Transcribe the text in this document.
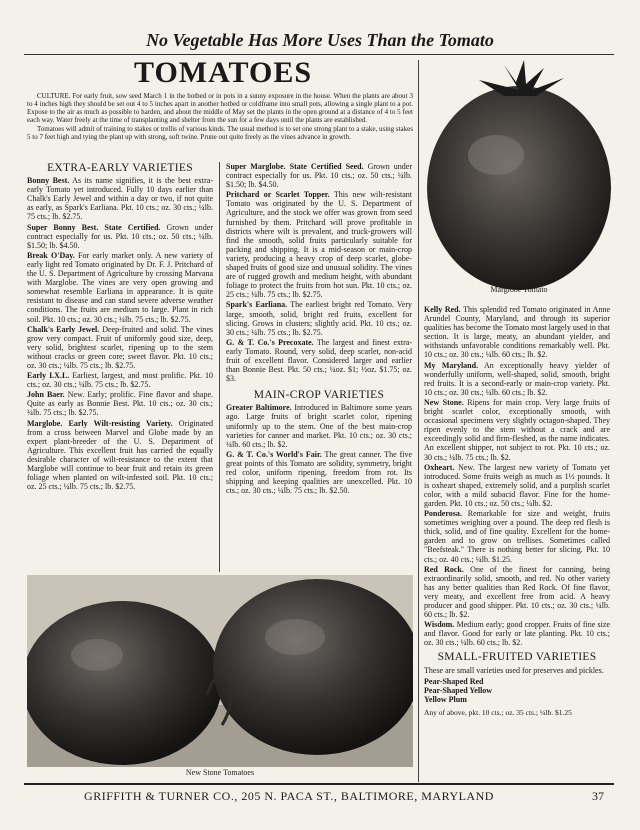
No Vegetable Has More Uses Than the Tomato
TOMATOES

CULTURE. For early fruit, sow seed March 1 in the hotbed or in pots in a sunny exposure in the house. When the plants are about 3 to 4 inches high they should be set out 4 to 5 inches apart in another hotbed or coldframe into small pots, allowing a single plant to a pot. Expose to the air as much as possible to harden, and about the middle of May set the plants in the open ground at a distance of 4 to 5 feet each way. Water freely at the time of transplanting and shelter from the sun for a few days until the plants are established.

Tomatoes will admit of training to stakes or trellis of various kinds. The usual method is to set one strong plant to a stake, using stakes 5 to 7 feet high and tying the plant up with strong, soft twine. Prune out quite freely as the vines advance in growth.

EXTRA-EARLY VARIETIES

Bonny Best. As its name signifies, it is the best extra-early Tomato yet introduced. Fully 10 days earlier than Chalk's Early Jewel and within a day or two, if not quite as early, as Spark's Earliana. Pkt. 10 cts.; oz. 30 cts.; ¼lb. 75 cts.; lb. $2.75.

Super Bonny Best. State Certified. Grown under contract especially for us. Pkt. 10 cts.; oz. 50 cts.; ¼lb. $1.50; lb. $4.50.

Break O'Day. For early market only. A new variety of early light red Tomato originated by Dr. F. J. Pritchard of the U. S. Department of Agriculture by crossing Marvana with Marglobe. The vines are very open growing and somewhat resemble Earliana in appearance. It is quite resistant to disease and can stand severe adverse weather conditions. The fruits are medium to large. Plant in rich soil. Pkt. 10 cts.; oz. 30 cts.; ¼lb. 75 cts.; lb. $2.75.

Chalk's Early Jewel. Deep-fruited and solid. The vines grow very compact. Fruit of uniformly good size, deep, very solid, brightest scarlet, ripening up to the stem without cracks or green core; sweet flavor. Pkt. 10 cts.; oz. 30 cts.; ¼lb. 75 cts.; lb. $2.75.

Early I.X.L. Earliest, largest, and most prolific. Pkt. 10 cts.; oz. 30 cts.; ¼lb. 75 cts.; lb. $2.75.

John Baer. New. Early; prolific. Fine flavor and shape. Quite as early as Bonnie Best. Pkt. 10 cts.; oz. 30 cts.; ¼lb. 75 cts.; lb. $2.75.

Marglobe. Early Wilt-resisting Variety. Originated from a cross between Marvel and Globe made by an expert plant-breeder of the U. S. Department of Agriculture. This excellent fruit has carried the equally desirable character of wilt-resistance to the extent that Marglobe will continue to bear fruit and retain its green foliage when planted on wilt-infested soil. Pkt. 10 cts.; oz. 25 cts.; ¼lb. 75 cts.; lb. $2.75.

Super Marglobe. State Certified Seed. Grown under contract especially for us. Pkt. 10 cts.; oz. 50 cts.; ¼lb. $1.50; lb. $4.50.

Pritchard or Scarlet Topper. This new wilt-resistant Tomato was originated by the U. S. Department of Agriculture, and the stock we offer was grown from seed furnished by them. Pritchard will prove profitable in districts where wilt is prevalent, and truck-growers will find the smooth, solid fruits particularly suitable for packing and shipping. It is a mid-season or main-crop variety, producing a heavy crop of deep scarlet, globe-shaped fruits of good size and unusual solidity. The vines are of rugged growth and medium height, with abundant foliage to protect the fruits from hot sun. Pkt. 10 cts.; oz. 25 cts.; ¼lb. 75 cts.; lb. $2.75.

Spark's Earliana. The earliest bright red Tomato. Very large, smooth, solid, bright red fruits, excellent for slicing. Grows in clusters; slightly acid. Pkt. 10 cts.; oz. 30 cts.; ¼lb. 75 cts.; lb. $2.75.

G. & T. Co.'s Precoxate. The largest and finest extra-early Tomato. Round, very solid, deep scarlet, non-acid fruit of excellent flavor. Considered larger and earlier than Bonnie Best. Pkt. 50 cts.; ¼oz. $1; ½oz. $1.75; oz. $3.

MAIN-CROP VARIETIES

Greater Baltimore. Introduced in Baltimore some years ago. Large fruits of bright scarlet color, ripening uniformly up to the stem. One of the best main-crop varieties for canner and market. Pkt. 10 cts.; oz. 30 cts.; ¼lb. 60 cts.; lb. $2.

G. & T. Co.'s World's Fair. The great canner. The five great points of this Tomato are solidity, symmetry, bright red color, uniform ripening, freedom from rot. Its shipping and keeping qualities are unexcelled. Pkt. 10 cts.; oz. 30 cts.; ¼lb. 75 cts.; lb. $2.50.

Marglobe Tomato

Kelly Red. This splendid red Tomato originated in Anne Arundel County, Maryland, and through its superior qualities has become the Tomato most largely used in that section. It is large, meaty, an abundant yielder, and withstands unfavorable conditions remarkably well. Pkt. 10 cts.; oz. 30 cts.; ¼lb. 60 cts.; lb. $2.

My Maryland. An exceptionally heavy yielder of wonderfully uniform, well-shaped, solid, smooth, bright red fruits. It is a second-early or main-crop variety. Pkt. 10 cts.; oz. 30 cts.; ¼lb. 60 cts.; lb. $2.

New Stone. Ripens for main crop. Very large fruits of bright scarlet color, exceptionally smooth, with occasional specimens very slightly octagon-shaped. They ripen evenly to the stem without a crack and are exceedingly solid and firm-fleshed, as the name indicates. An excellent shipper, not subject to rot. Pkt. 10 cts.; oz. 30 cts.; ¼lb. 75 cts.; lb. $2.

Oxheart. New. The largest new variety of Tomato yet introduced. Some fruits weigh as much as 1½ pounds. It is oxheart shaped, extremely solid, and a purplish scarlet color, with a mild subacid flavor. Fine for the home-garden. Pkt. 10 cts.; oz. 50 cts.; ¼lb. $2.

Ponderosa. Remarkable for size and weight, fruits sometimes weighing over a pound. The deep red flesh is thick, solid, and of fine quality. Excellent for the home-garden and to grow on trellises. Sometimes called "Beefsteak." There is nothing better for slicing. Pkt. 10 cts.; oz. 40 cts.; ¼lb. $1.25.

Red Rock. One of the finest for canning, being extraordinarily solid, smooth, and red. No other variety has any better qualities than Red Rock. Of fine flavor, very meaty, and excellent free from acid. A heavy producer and good shipper. Pkt. 10 cts.; oz. 30 cts.; ¼lb. 60 cts.; lb. $2.

Wisdom. Medium early; good cropper. Fruits of fine size and flavor. Good for early or late planting. Pkt. 10 cts.; oz. 30 cts.; ¼lb. 60 cts.; lb. $2.

SMALL-FRUITED VARIETIES

These are small varieties used for preserves and pickles.

Pear-Shaped Red
Pear-Shaped Yellow
Yellow Plum

Any of above, pkt. 10 cts.; oz. 35 cts.; ¼lb. $1.25

New Stone Tomatoes
GRIFFITH & TURNER CO., 205 N. PACA ST., BALTIMORE, MARYLAND	37
